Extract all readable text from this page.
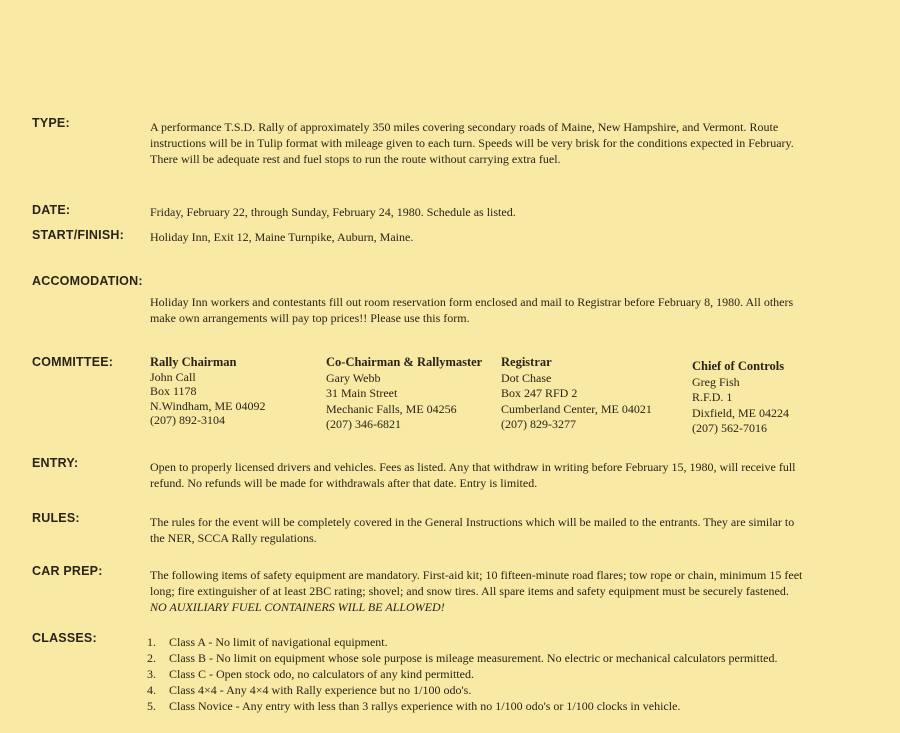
TYPE:	A performance T.S.D. Rally of approximately 350 miles covering secondary roads of Maine, New Hampshire, and Vermont. Route
instructions will be in Tulip format with mileage given to each turn. Speeds will be very brisk for the conditions expected in February.
There will be adequate rest and fuel stops to run the route without carrying extra fuel.
DATE:	Friday, February 22, through Sunday, February 24, 1980. Schedule as listed.
START/FINISH: Holiday Inn, Exit 12, Maine Turnpike, Auburn, Maine.
ACCOMODATION:
Holiday Inn workers and contestants fill out room reservation form enclosed and mail to Registrar before February 8, 1980. All others
make own arrangements will pay top prices!! Please use this form.
COMMITTEE:	Rally Chairman
John Call
Box 1178
N.Windham, ME 04092
(207) 892-3104
Co-Chairman & Rallymaster
Gary Webb
31 Main Street
Mechanic Falls, ME 04256
(207) 346-6821
Registrar
Dot Chase
Box 247 RFD 2
Cumberland Center, ME 04021
(207) 829-3277
Chief of Controls
Greg Fish
R.F.D. 1
Dixfield, ME 04224
(207) 562-7016
ENTRY:	Open to properly licensed drivers and vehicles. Fees as listed. Any that withdraw in writing before February 15, 1980, will receive full
refund. No refunds will be made for withdrawals after that date. Entry is limited.
RULES:	The rules for the event will be completely covered in the General Instructions which will be mailed to the entrants. They are similar to
the NER, SCCA Rally regulations.
CAR PREP:	The following items of safety equipment are mandatory. First-aid kit; 10 fifteen-minute road flares; tow rope or chain, minimum 15 feet
long; fire extinguisher of at least 2BC rating; shovel; and snow tires. All spare items and safety equipment must be securely fastened.
NO AUXILIARY FUEL CONTAINERS WILL BE ALLOWED!
CLASSES:	1. Class A - No limit of navigational equipment.
2. Class B - No limit on equipment whose sole purpose is mileage measurement. No electric or mechanical calculators permitted.
3. Class C - Open stock odo, no calculators of any kind permitted.
4. Class 4×4 - Any 4×4 with Rally experience but no 1/100 odo's.
5. Class Novice - Any entry with less than 3 rallys experience with no 1/100 odo's or 1/100 clocks in vehicle.
